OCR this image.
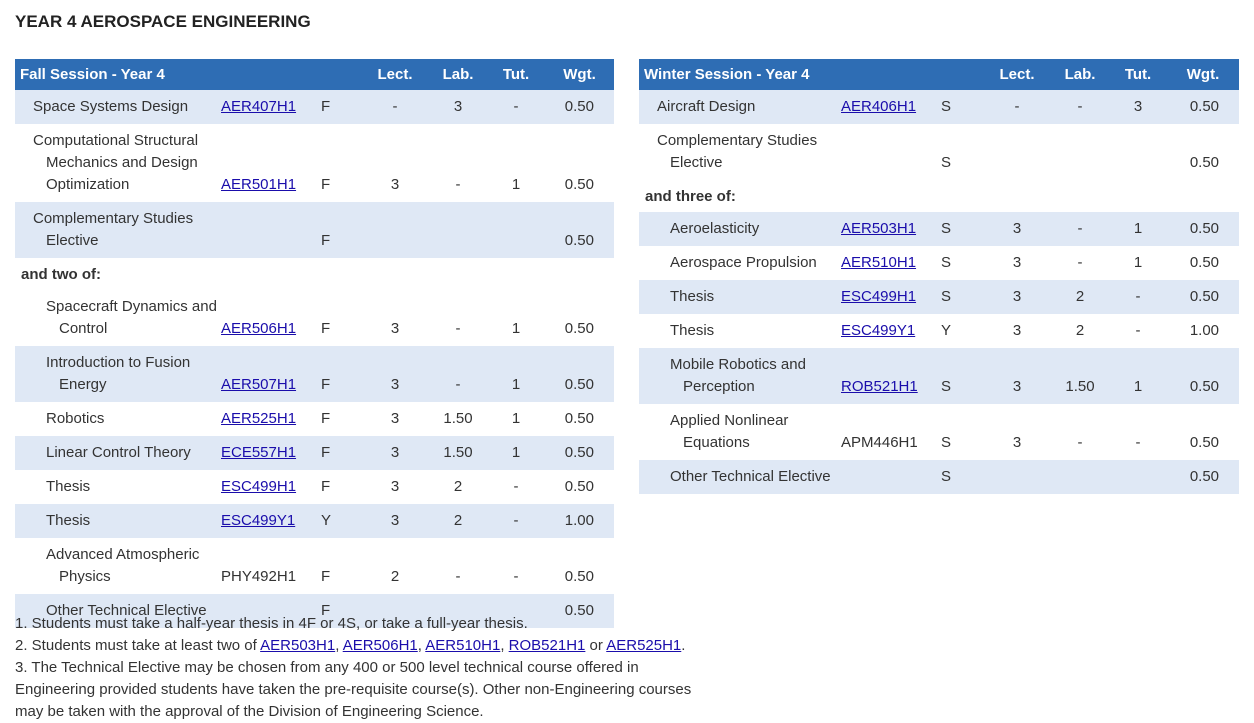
YEAR 4 AEROSPACE ENGINEERING
Fall Session - Year 4			Lect.	Lab.	Tut.	Wgt.

Space Systems Design	AER407H1	F	-	3	-	0.50

Computational Structural Mechanics and Design Optimization	AER501H1	F	3	-	1	0.50

Complementary Studies Elective		F				0.50
and two of:						

Spacecraft Dynamics and Control	AER506H1	F	3	-	1	0.50

Introduction to Fusion Energy	AER507H1	F	3	-	1	0.50

Robotics	AER525H1	F	3	1.50	1	0.50

Linear Control Theory	ECE557H1	F	3	1.50	1	0.50

Thesis	ESC499H1	F	3	2	-	0.50

Thesis	ESC499Y1	Y	3	2	-	1.00

Advanced Atmospheric Physics	PHY492H1	F	2	-	-	0.50

Other Technical Elective		F				0.50
Winter Session - Year 4			Lect.	Lab.	Tut.	Wgt.

Aircraft Design	AER406H1	S	-	-	3	0.50

Complementary Studies Elective		S				0.50
and three of:						

Aeroelasticity	AER503H1	S	3	-	1	0.50

Aerospace Propulsion	AER510H1	S	3	-	1	0.50

Thesis	ESC499H1	S	3	2	-	0.50

Thesis	ESC499Y1	Y	3	2	-	1.00

Mobile Robotics and Perception	ROB521H1	S	3	1.50	1	0.50

Applied Nonlinear Equations	APM446H1	S	3	-	-	0.50

Other Technical Elective		S				0.50

1. Students must take a half-year thesis in 4F or 4S, or take a full-year thesis.

2. Students must take at least two of AER503H1, AER506H1, AER510H1, ROB521H1 or AER525H1.

3. The Technical Elective may be chosen from any 400 or 500 level technical course offered in Engineering provided students have taken the pre-requisite course(s). Other non-Engineering courses may be taken with the approval of the Division of Engineering Science.
